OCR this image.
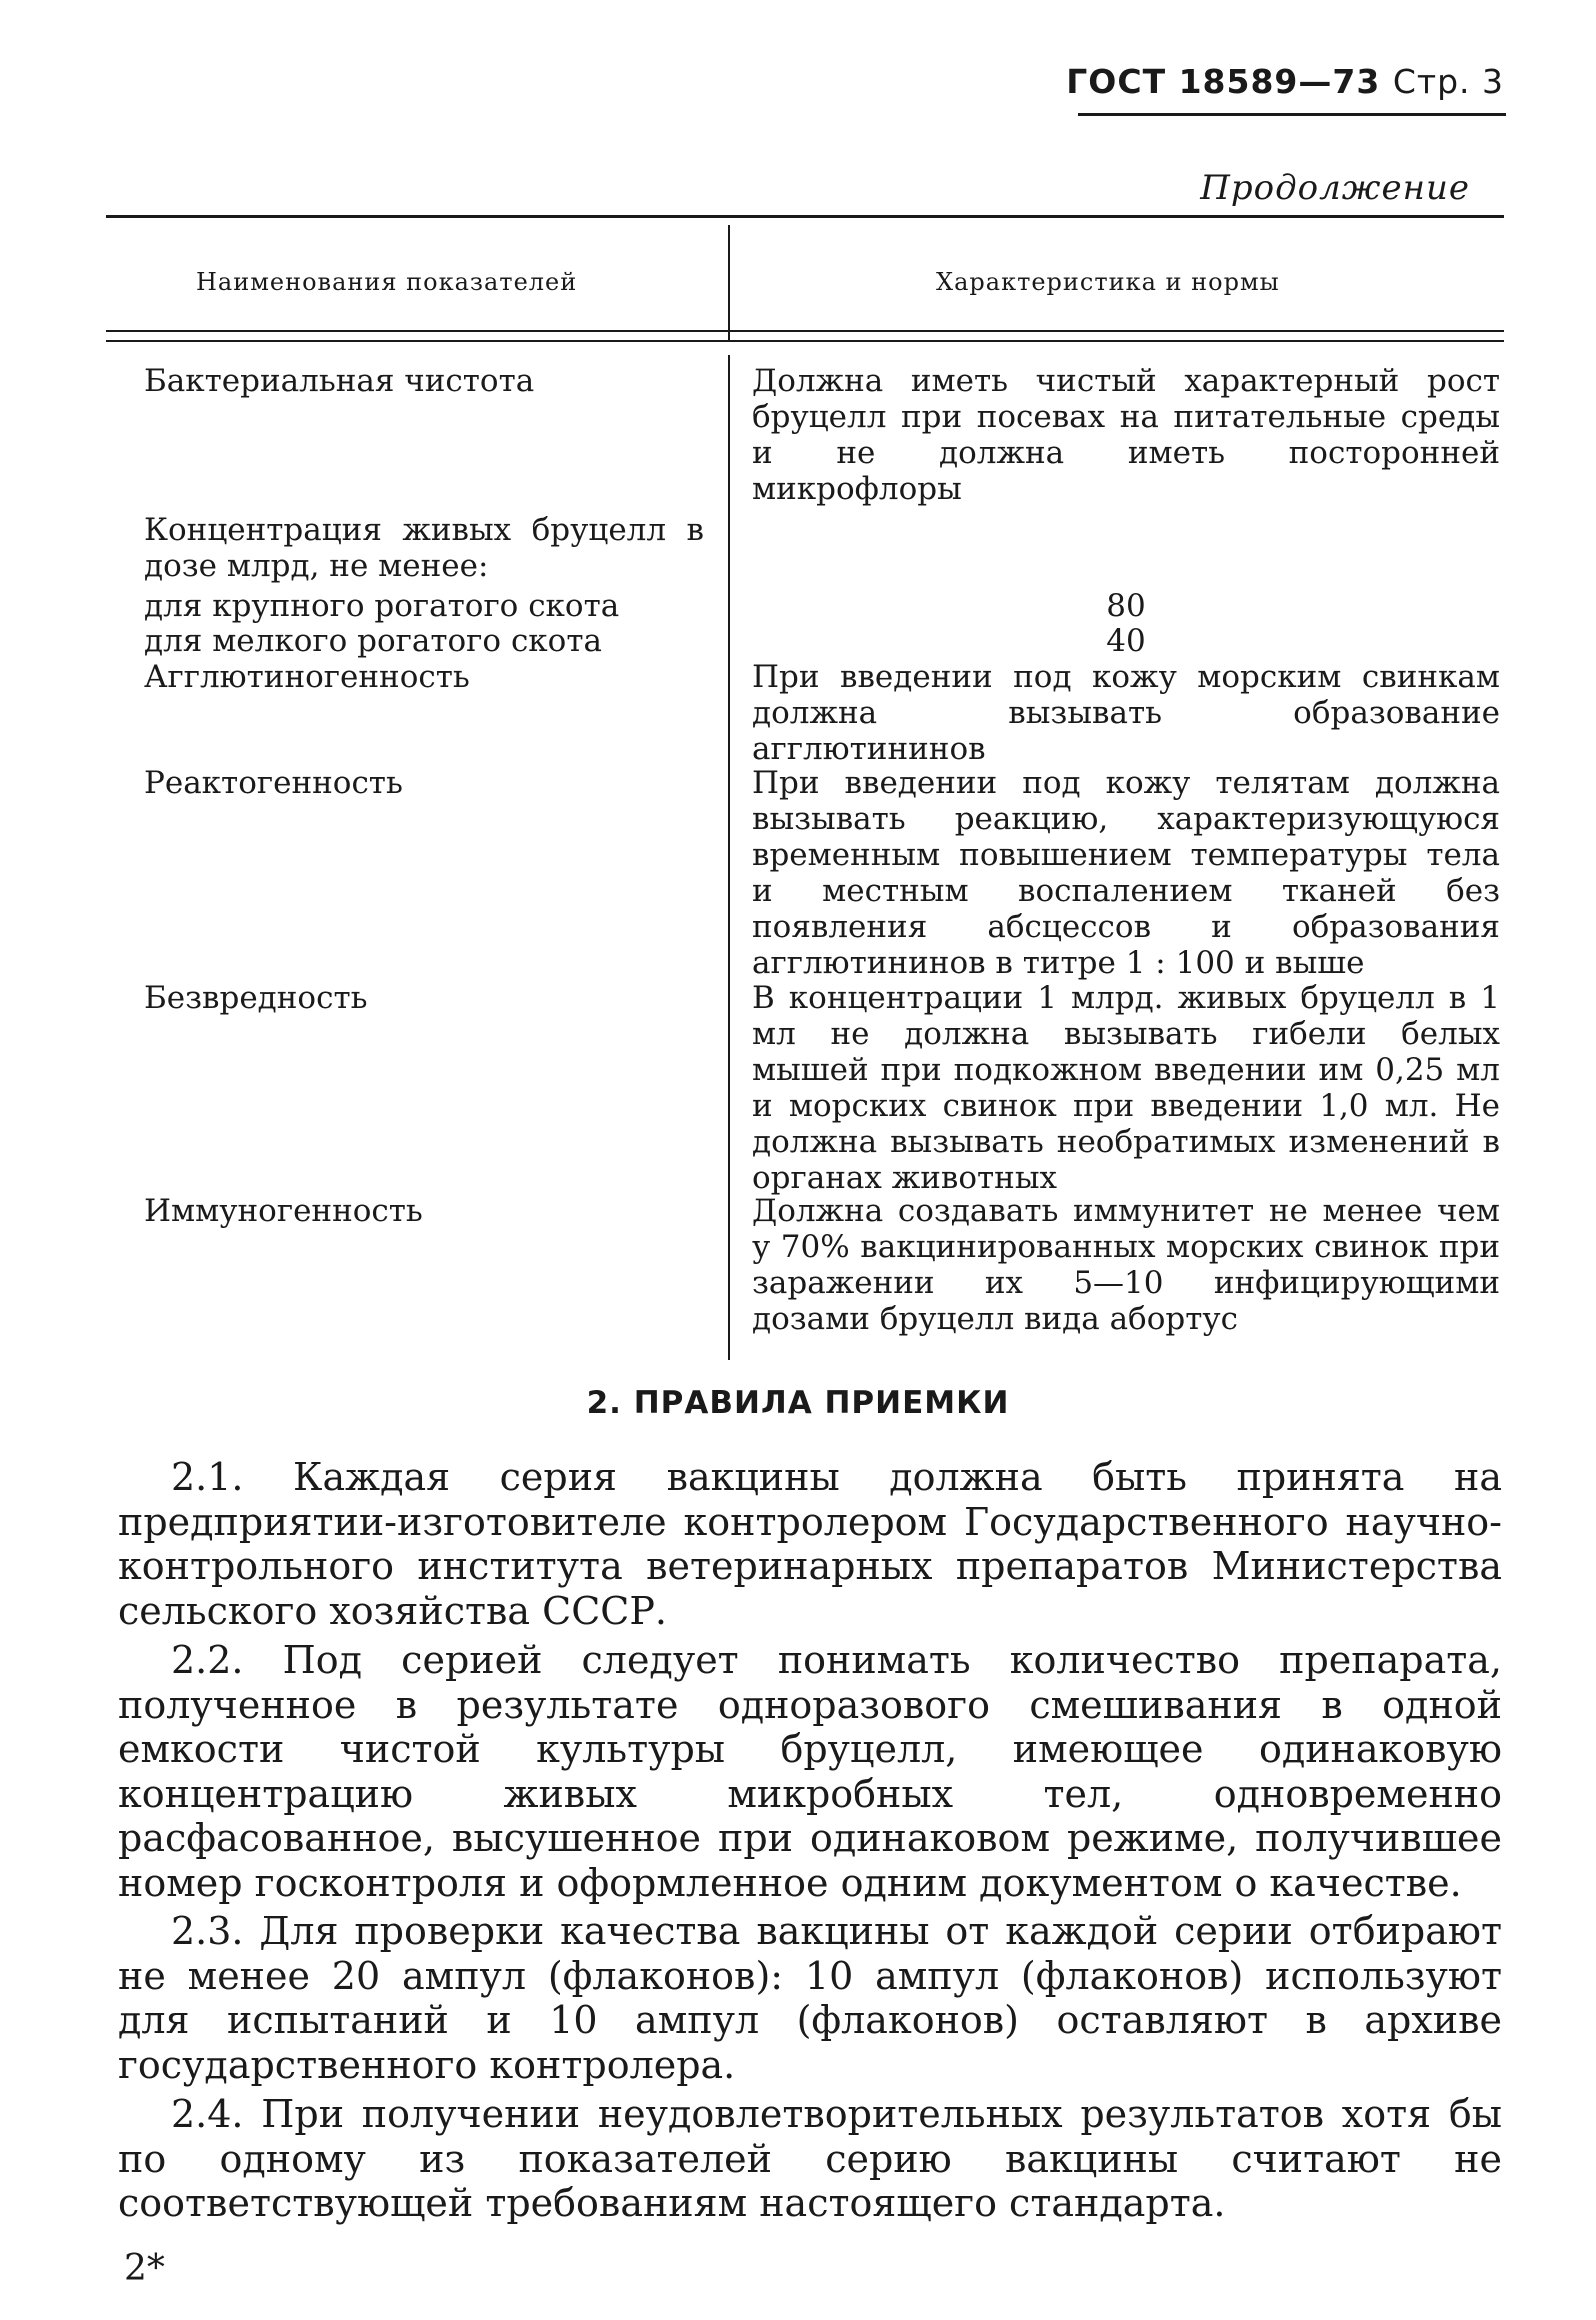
ГОСТ 18589—73 Стр. 3
Продолжение
Наименования показателей	Характеристика и нормы
Бактериальная чистота	Должна иметь чистый характерный рост бруцелл при посевах на питательные среды и не должна иметь посторонней микрофлоры
Концентрация живых бруцелл в дозе млрд, не менее:
для крупного рогатого скота	80
для мелкого рогатого скота	40
Агглютиногенность	При введении под кожу морским свинкам должна вызывать образование агглютининов
Реактогенность	При введении под кожу телятам должна вызывать реакцию, характеризующуюся временным повышением температуры тела и местным воспалением тканей без появления абсцессов и образования агглютининов в титре 1 : 100 и выше
Безвредность	В концентрации 1 млрд. живых бруцелл в 1 мл не должна вызывать гибели белых мышей при подкожном введении им 0,25 мл и морских свинок при введении 1,0 мл. Не должна вызывать необратимых изменений в органах животных
Иммуногенность	Должна создавать иммунитет не менее чем у 70% вакцинированных морских свинок при заражении их 5—10 инфицирующими дозами бруцелл вида абортус
2. ПРАВИЛА ПРИЕМКИ

2.1. Каждая серия вакцины должна быть принята на предприятии-изготовителе контролером Государственного научно-контрольного института ветеринарных препаратов Министерства сельского хозяйства СССР.

2.2. Под серией следует понимать количество препарата, полученное в результате одноразового смешивания в одной емкости чистой культуры бруцелл, имеющее одинаковую концентрацию живых микробных тел, одновременно расфасованное, высушенное при одинаковом режиме, получившее номер госконтроля и оформленное одним документом о качестве.

2.3. Для проверки качества вакцины от каждой серии отбирают не менее 20 ампул (флаконов): 10 ампул (флаконов) используют для испытаний и 10 ампул (флаконов) оставляют в архиве государственного контролера.

2.4. При получении неудовлетворительных результатов хотя бы по одному из показателей серию вакцины считают не соответствующей требованиям настоящего стандарта.

2*
